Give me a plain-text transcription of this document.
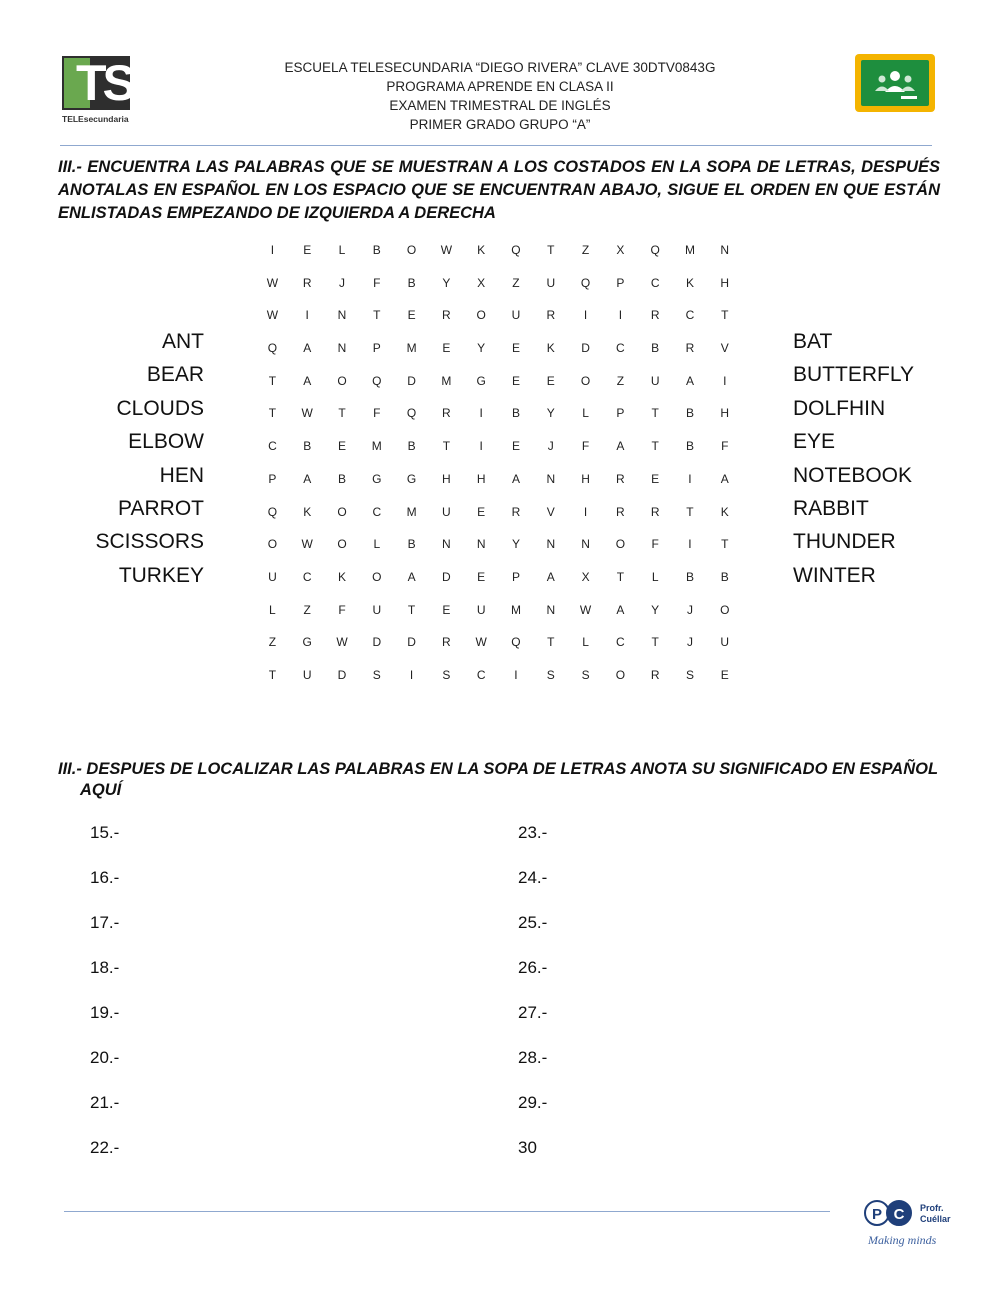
TS
TELEsecundaria
ESCUELA TELESECUNDARIA “DIEGO RIVERA” CLAVE 30DTV0843G
PROGRAMA APRENDE EN CLASA II
EXAMEN TRIMESTRAL DE INGLÉS
PRIMER GRADO GRUPO “A”
III.- ENCUENTRA LAS PALABRAS QUE SE MUESTRAN A LOS COSTADOS EN LA SOPA DE LETRAS, DESPUÉS ANOTALAS EN ESPAÑOL EN LOS ESPACIO QUE SE ENCUENTRAN ABAJO, SIGUE EL ORDEN EN QUE ESTÁN ENLISTADAS EMPEZANDO DE IZQUIERDA A DERECHA
ANT
BEAR
CLOUDS
ELBOW
HEN
PARROT
SCISSORS
TURKEY
BAT
BUTTERFLY
DOLFHIN
EYE
NOTEBOOK
RABBIT
THUNDER
WINTER
I	E	L	B	O	W	K	Q	T	Z	X	Q	M	N
W	R	J	F	B	Y	X	Z	U	Q	P	C	K	H
W	I	N	T	E	R	O	U	R	I	I	R	C	T
Q	A	N	P	M	E	Y	E	K	D	C	B	R	V
T	A	O	Q	D	M	G	E	E	O	Z	U	A	I
T	W	T	F	Q	R	I	B	Y	L	P	T	B	H
C	B	E	M	B	T	I	E	J	F	A	T	B	F
P	A	B	G	G	H	H	A	N	H	R	E	I	A
Q	K	O	C	M	U	E	R	V	I	R	R	T	K
O	W	O	L	B	N	N	Y	N	N	O	F	I	T
U	C	K	O	A	D	E	P	A	X	T	L	B	B
L	Z	F	U	T	E	U	M	N	W	A	Y	J	O
Z	G	W	D	D	R	W	Q	T	L	C	T	J	U
T	U	D	S	I	S	C	I	S	S	O	R	S	E
III.- DESPUES DE LOCALIZAR LAS PALABRAS EN LA SOPA DE LETRAS ANOTA SU SIGNIFICADO EN ESPAÑOL
AQUÍ
15.-
16.-
17.-
18.-
19.-
20.-
21.-
22.-
23.-
24.-
25.-
26.-
27.-
28.-
29.-
30
P C	Profr.
Cuéllar
Making minds
